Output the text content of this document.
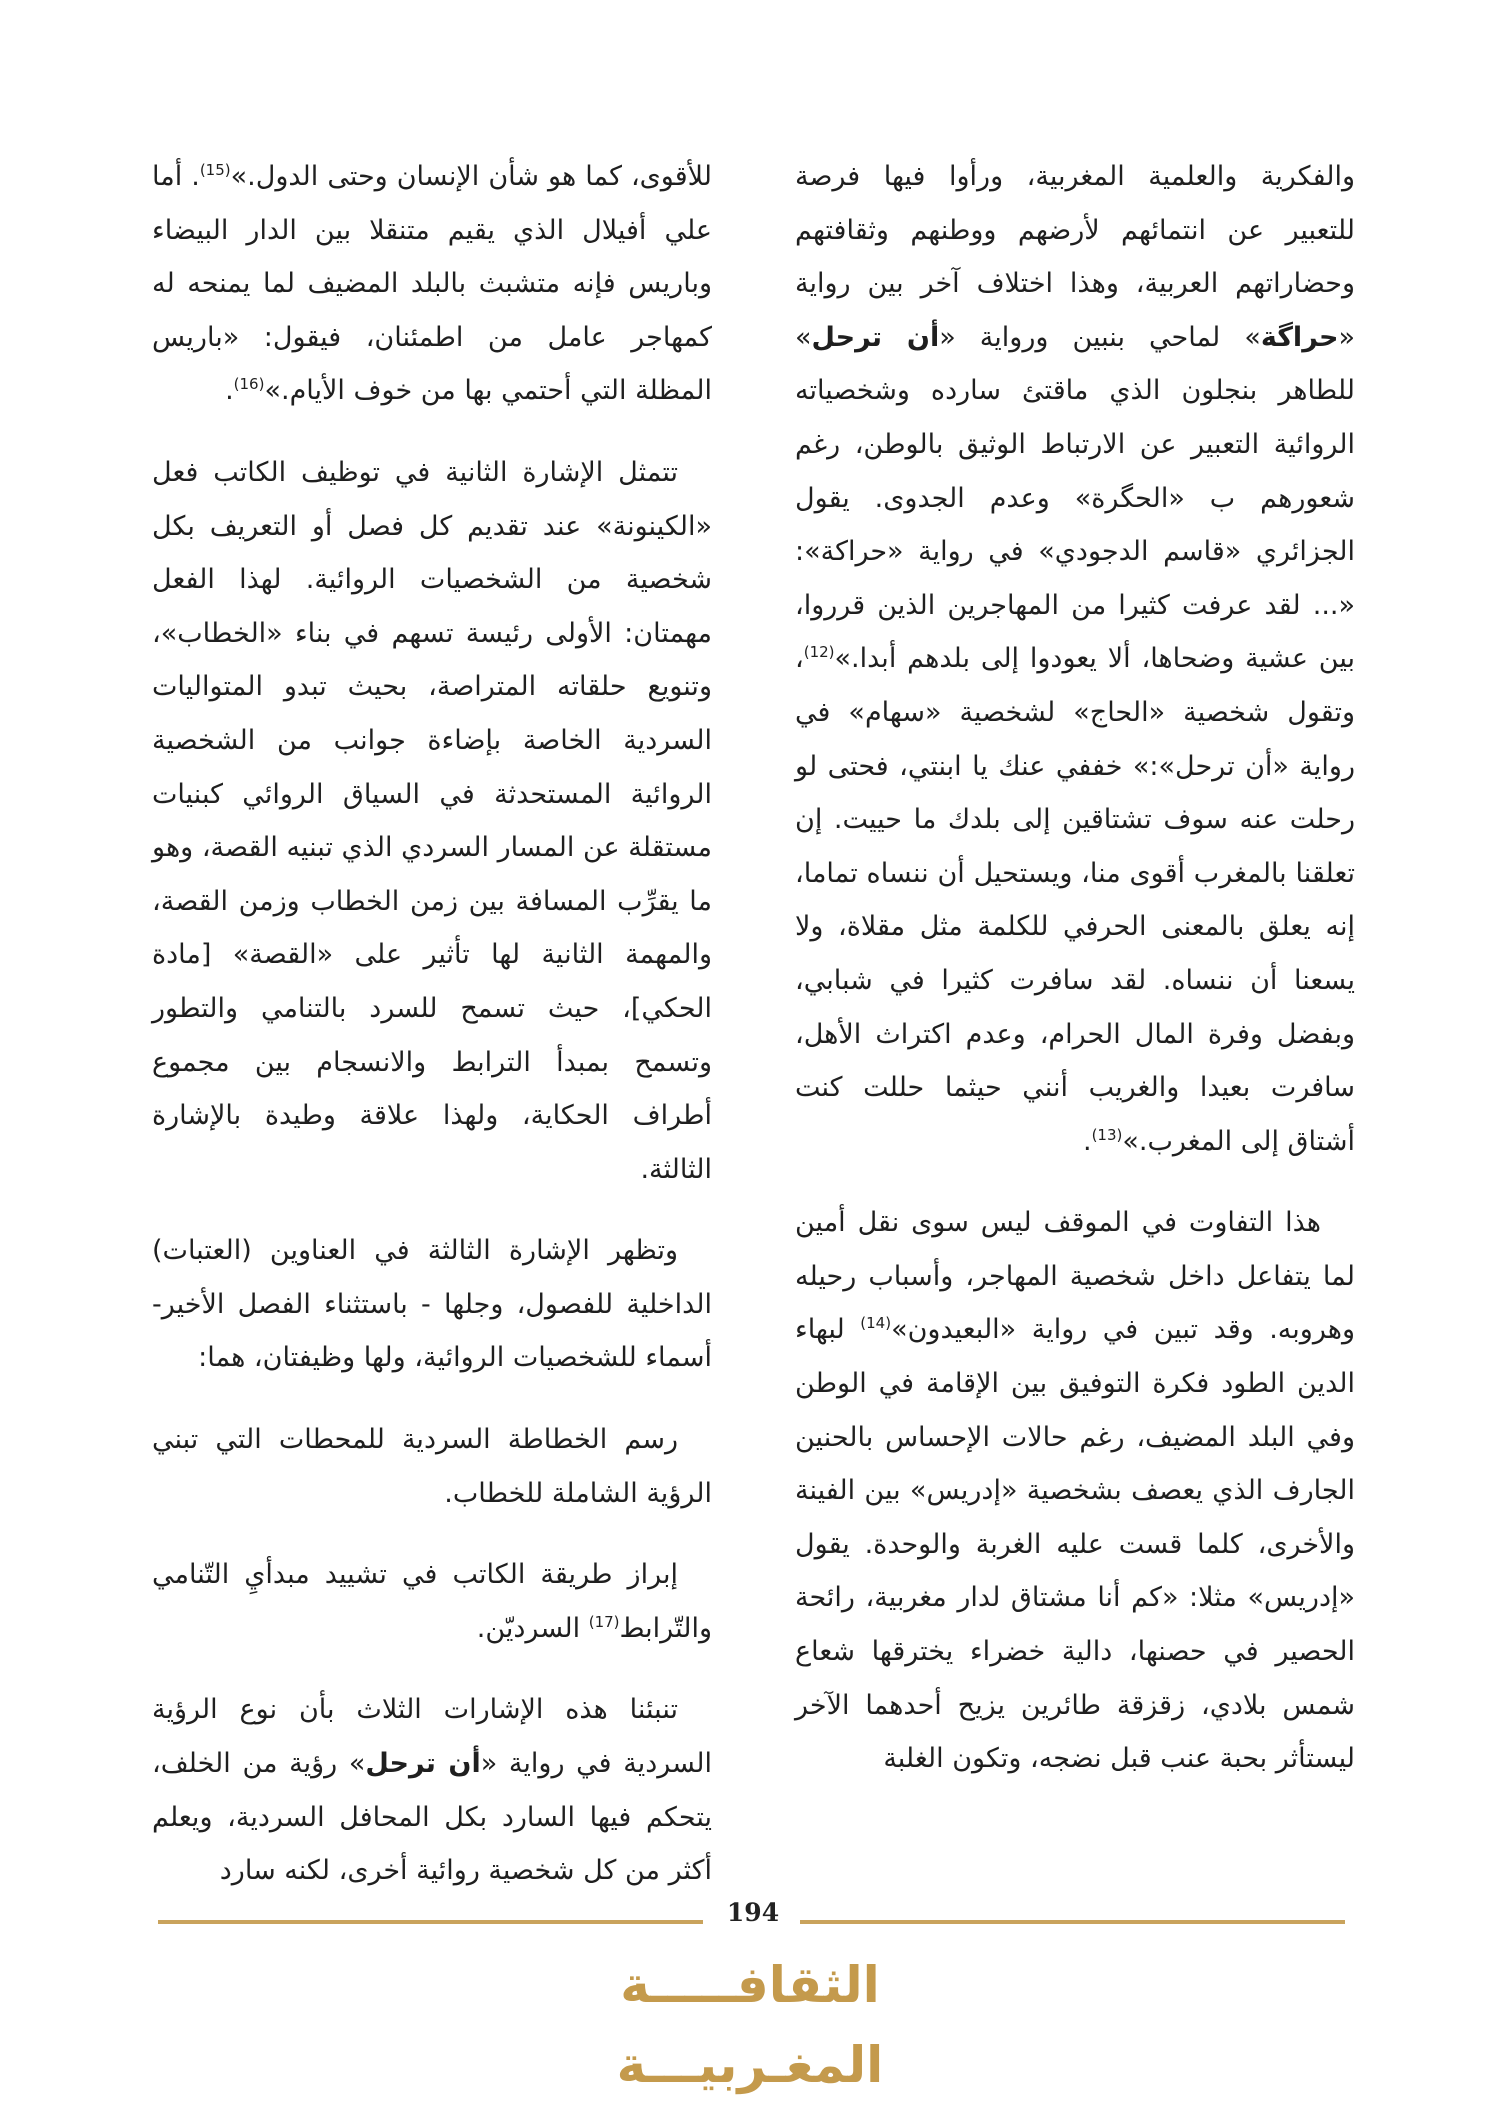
والفكرية والعلمية المغربية، ورأوا فيها فرصة للتعبير عن انتمائهم لأرضهم ووطنهم وثقافتهم وحضاراتهم العربية، وهذا اختلاف آخر بين رواية «حراگة» لماحي بنبين ورواية «أن ترحل» للطاهر بنجلون الذي ماقتئ سارده وشخصياته الروائية التعبير عن الارتباط الوثيق بالوطن، رغم شعورهم ب «الحگرة» وعدم الجدوى. يقول الجزائري «قاسم الدجودي» في رواية «حراكة»: «... لقد عرفت كثيرا من المهاجرين الذين قرروا، بين عشية وضحاها، ألا يعودوا إلى بلدهم أبدا.»$^{(12)}$، وتقول شخصية «الحاج» لشخصية «سهام» في رواية «أن ترحل»:» خففي عنك يا ابنتي، فحتى لو رحلت عنه سوف تشتاقين إلى بلدك ما حييت. إن تعلقنا بالمغرب أقوى منا، ويستحيل أن ننساه تماما، إنه يعلق بالمعنى الحرفي للكلمة مثل مقلاة، ولا يسعنا أن ننساه. لقد سافرت كثيرا في شبابي، وبفضل وفرة المال الحرام، وعدم اكتراث الأهل، سافرت بعيدا والغريب أنني حيثما حللت كنت أشتاق إلى المغرب.»$^{(13)}$.

هذا التفاوت في الموقف ليس سوى نقل أمين لما يتفاعل داخل شخصية المهاجر، وأسباب رحيله وهروبه. وقد تبين في رواية «البعيدون»$^{(14)}$ لبهاء الدين الطود فكرة التوفيق بين الإقامة في الوطن وفي البلد المضيف، رغم حالات الإحساس بالحنين الجارف الذي يعصف بشخصية «إدريس» بين الفينة والأخرى، كلما قست عليه الغربة والوحدة. يقول «إدريس» مثلا: «كم أنا مشتاق لدار مغربية، رائحة الحصير في حصنها، دالية خضراء يخترقها شعاع شمس بلادي، زقزقة طائرين يزيح أحدهما الآخر ليستأثر بحبة عنب قبل نضجه، وتكون الغلبة

للأقوى، كما هو شأن الإنسان وحتى الدول.»$^{(15)}$. أما علي أفيلال الذي يقيم متنقلا بين الدار البيضاء وباريس فإنه متشبث بالبلد المضيف لما يمنحه له كمهاجر عامل من اطمئنان، فيقول: «باريس المظلة التي أحتمي بها من خوف الأيام.»$^{(16)}$.

تتمثل الإشارة الثانية في توظيف الكاتب فعل «الكينونة» عند تقديم كل فصل أو التعريف بكل شخصية من الشخصيات الروائية. لهذا الفعل مهمتان: الأولى رئيسة تسهم في بناء «الخطاب»، وتنويع حلقاته المتراصة، بحيث تبدو المتواليات السردية الخاصة بإضاءة جوانب من الشخصية الروائية المستحدثة في السياق الروائي كبنيات مستقلة عن المسار السردي الذي تبنيه القصة، وهو ما يقرِّب المسافة بين زمن الخطاب وزمن القصة، والمهمة الثانية لها تأثير على «القصة» [مادة الحكي]، حيث تسمح للسرد بالتنامي والتطور وتسمح بمبدأ الترابط والانسجام بين مجموع أطراف الحكاية، ولهذا علاقة وطيدة بالإشارة الثالثة.

وتظهر الإشارة الثالثة في العناوين (العتبات) الداخلية للفصول، وجلها - باستثناء الفصل الأخير- أسماء للشخصيات الروائية، ولها وظيفتان، هما:

رسم الخطاطة السردية للمحطات التي تبني الرؤية الشاملة للخطاب.

إبراز طريقة الكاتب في تشييد مبدأيِ التّنامي والتّرابط$^{(17)}$ السرديّن.

تنبئنا هذه الإشارات الثلاث بأن نوع الرؤية السردية في رواية «أن ترحل» رؤية من الخلف، يتحكم فيها السارد بكل المحافل السردية، ويعلم أكثر من كل شخصية روائية أخرى، لكنه سارد

194
الثقافـــــة المغـربيـــة
